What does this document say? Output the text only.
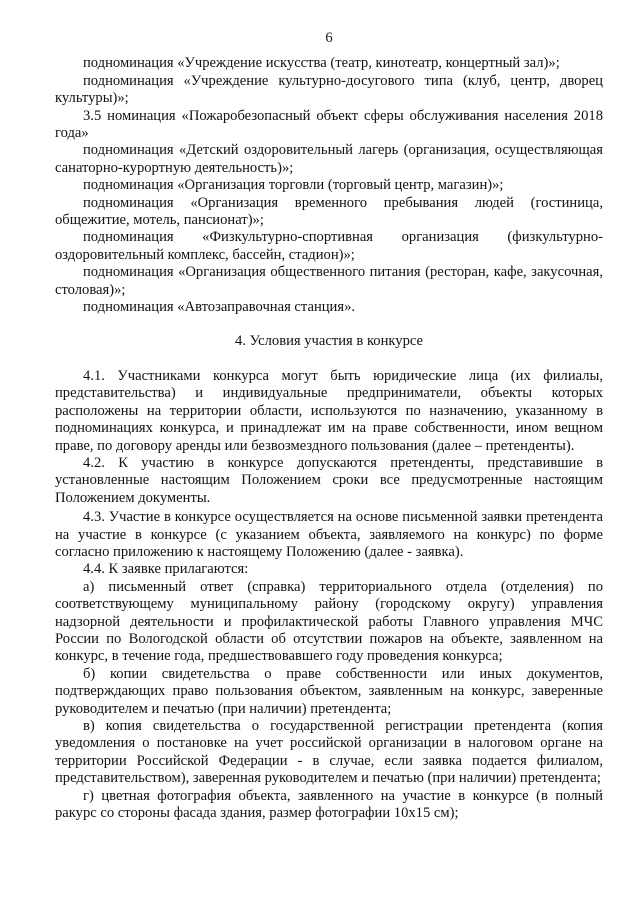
6

подноминация «Учреждение искусства (театр, кинотеатр, концертный зал)»;

подноминация «Учреждение культурно-досугового типа (клуб, центр, дворец культуры)»;

3.5 номинация «Пожаробезопасный объект сферы обслуживания населения 2018 года»

подноминация «Детский оздоровительный лагерь (организация, осуществляющая санаторно-курортную деятельность)»;

подноминация «Организация торговли (торговый центр, магазин)»;

подноминация «Организация временного пребывания людей (гостиница, общежитие, мотель, пансионат)»;

подноминация «Физкультурно-спортивная организация (физкультурно-оздоровительный комплекс, бассейн, стадион)»;

подноминация «Организация общественного питания (ресторан, кафе, закусочная, столовая)»;

подноминация «Автозаправочная станция».

4. Условия участия в конкурсе

4.1. Участниками конкурса могут быть юридические лица (их филиалы, представительства) и индивидуальные предприниматели, объекты которых расположены на территории области, используются по назначению, указанному в подноминациях конкурса, и принадлежат им на праве собственности, ином вещном праве, по договору аренды или безвозмездного пользования (далее – претенденты).

4.2. К участию в конкурсе допускаются претенденты, представившие в установленные настоящим Положением сроки все предусмотренные настоящим Положением документы.

4.3. Участие в конкурсе осуществляется на основе письменной заявки претендента на участие в конкурсе (с указанием объекта, заявляемого на конкурс) по форме согласно приложению к настоящему Положению (далее - заявка).

4.4. К заявке прилагаются:

а) письменный ответ (справка) территориального отдела (отделения) по соответствующему муниципальному району (городскому округу) управления надзорной деятельности и профилактической работы Главного управления МЧС России по Вологодской области об отсутствии пожаров на объекте, заявленном на конкурс, в течение года, предшествовавшего году проведения конкурса;

б) копии свидетельства о праве собственности или иных документов, подтверждающих право пользования объектом, заявленным на конкурс, заверенные руководителем и печатью (при наличии) претендента;

в) копия свидетельства о государственной регистрации претендента (копия уведомления о постановке на учет российской организации в налоговом органе на территории Российской Федерации - в случае, если заявка подается филиалом, представительством), заверенная руководителем и печатью (при наличии) претендента;

г) цветная фотография объекта, заявленного на участие в конкурсе (в полный ракурс со стороны фасада здания, размер фотографии 10х15 см);
